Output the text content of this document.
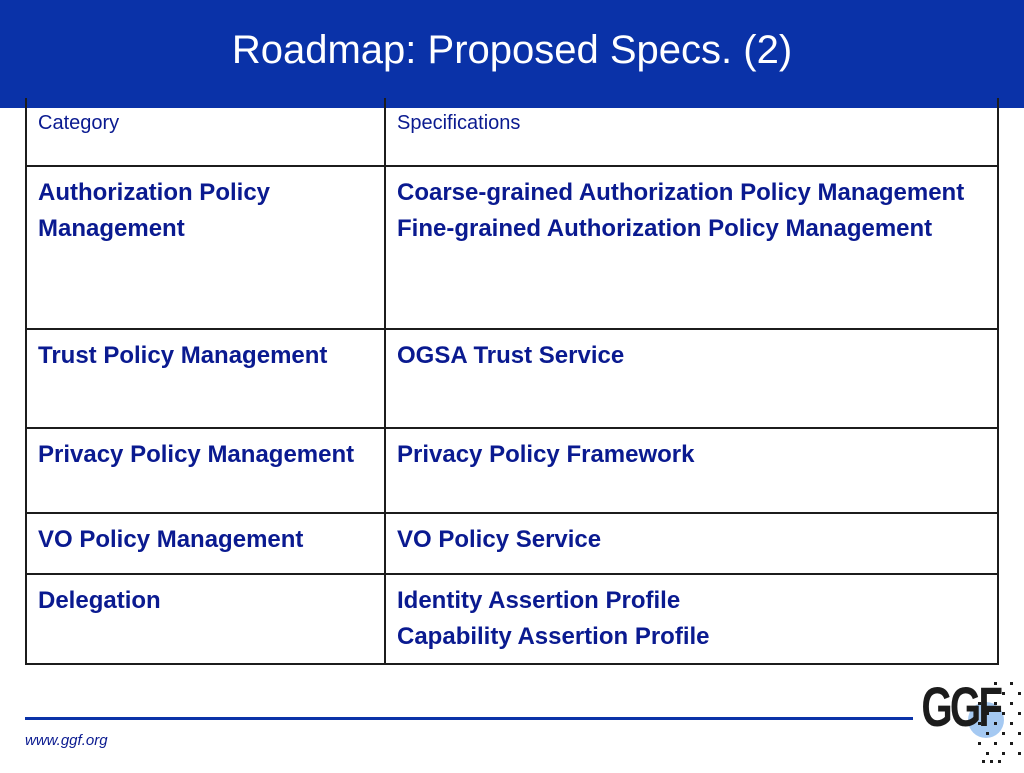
Roadmap: Proposed Specs. (2)
Category	Specifications
Authorization Policy Management	Coarse-grained Authorization Policy Management
Fine-grained Authorization Policy Management

Trust Policy Management	OGSA Trust Service

Privacy Policy Management	Privacy Policy Framework

VO Policy Management	VO Policy Service

Delegation	Identity Assertion Profile
Capability Assertion Profile
www.ggf.org
GGF
